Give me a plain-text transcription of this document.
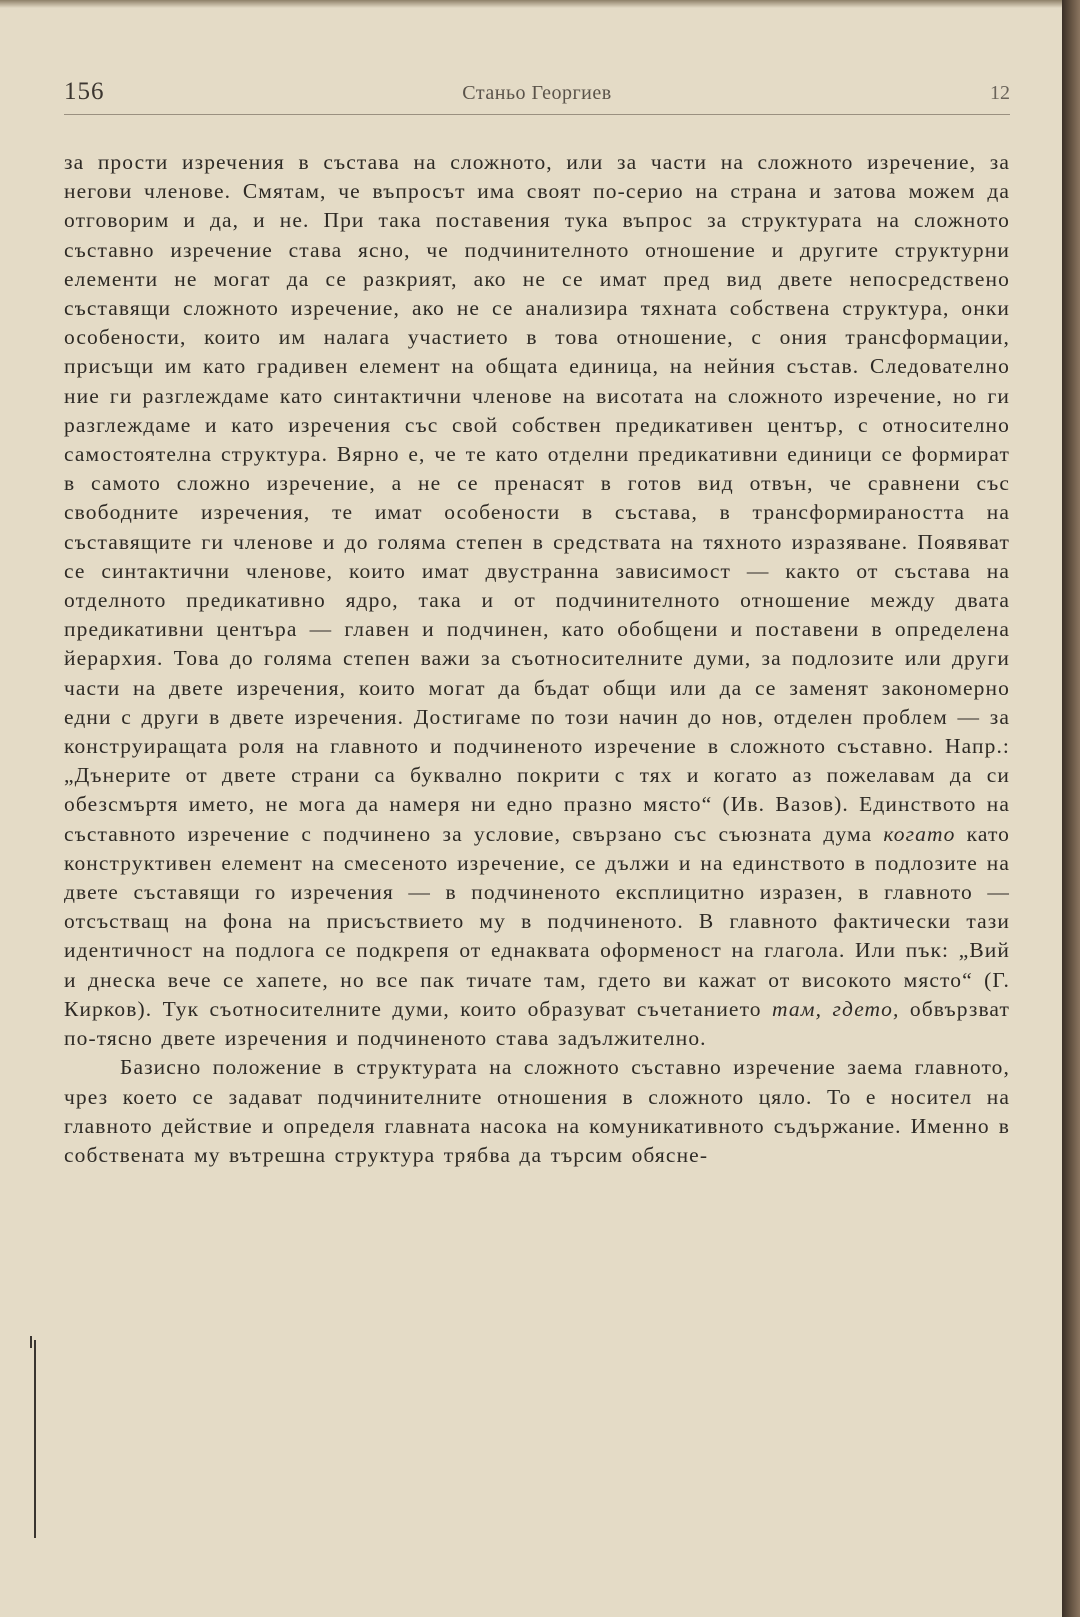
156	Станьо Георгиев	12

за прости изречения в състава на сложното, или за части на сложното изречение, за негови членове. Смятам, че въпросът има своят по-серио на страна и затова можем да отговорим и да, и не. При така поставения тука въпрос за структурата на сложното съставно изречение става ясно, че подчинителното отношение и другите структурни елементи не могат да се разкрият, ако не се имат пред вид двете непосредствено съставящи сложното изречение, ако не се анализира тяхната собствена структура, онки особености, които им налага участието в това отношение, с ония трансформации, присъщи им като градивен елемент на общата единица, на нейния състав. Следователно ние ги разглеждаме като синтактични членове на висотата на сложното изречение, но ги разглеждаме и като изречения със свой собствен предикативен център, с относително самостоятелна структура. Вярно е, че те като отделни предикативни единици се формират в самото сложно изречение, а не се пренасят в готов вид отвън, че сравнени със свободните изречения, те имат особености в състава, в трансформираността на съставящите ги членове и до голяма степен в средствата на тяхното изразяване. Появяват се синтактични членове, които имат двустранна зависимост — както от състава на отделното предикативно ядро, така и от подчинителното отношение между двата предикативни центъра — главен и подчинен, като обобщени и поставени в определена йерархия. Това до голяма степен важи за съотносителните думи, за подлозите или други части на двете изречения, които могат да бъдат общи или да се заменят закономерно едни с други в двете изречения. Достигаме по този начин до нов, отделен проблем — за конструиращата роля на главното и подчиненото изречение в сложното съставно. Напр.: „Дънерите от двете страни са буквално покрити с тях и когато аз пожелавам да си обезсмъртя името, не мога да намеря ни едно празно място“ (Ив. Вазов). Единството на съставното изречение с подчинено за условие, свързано със съюзната дума когато като конструктивен елемент на смесеното изречение, се дължи и на единството в подлозите на двете съставящи го изречения — в подчиненото експлицитно изразен, в главното — отсъстващ на фона на присъствието му в подчиненото. В главното фактически тази идентичност на подлога се подкрепя от еднаквата оформеност на глагола. Или пък: „Вий и днеска вече се хапете, но все пак тичате там, гдето ви кажат от високото място“ (Г. Кирков). Тук съотносителните думи, които образуват съчетанието там, гдето, обвързват по-тясно двете изречения и подчиненото става задължително.

Базисно положение в структурата на сложното съставно изречение заема главното, чрез което се задават подчинителните отношения в сложното цяло. То е носител на главното действие и определя главната насока на комуникативното съдържание. Именно в собствената му вътрешна структура трябва да търсим обясне-
